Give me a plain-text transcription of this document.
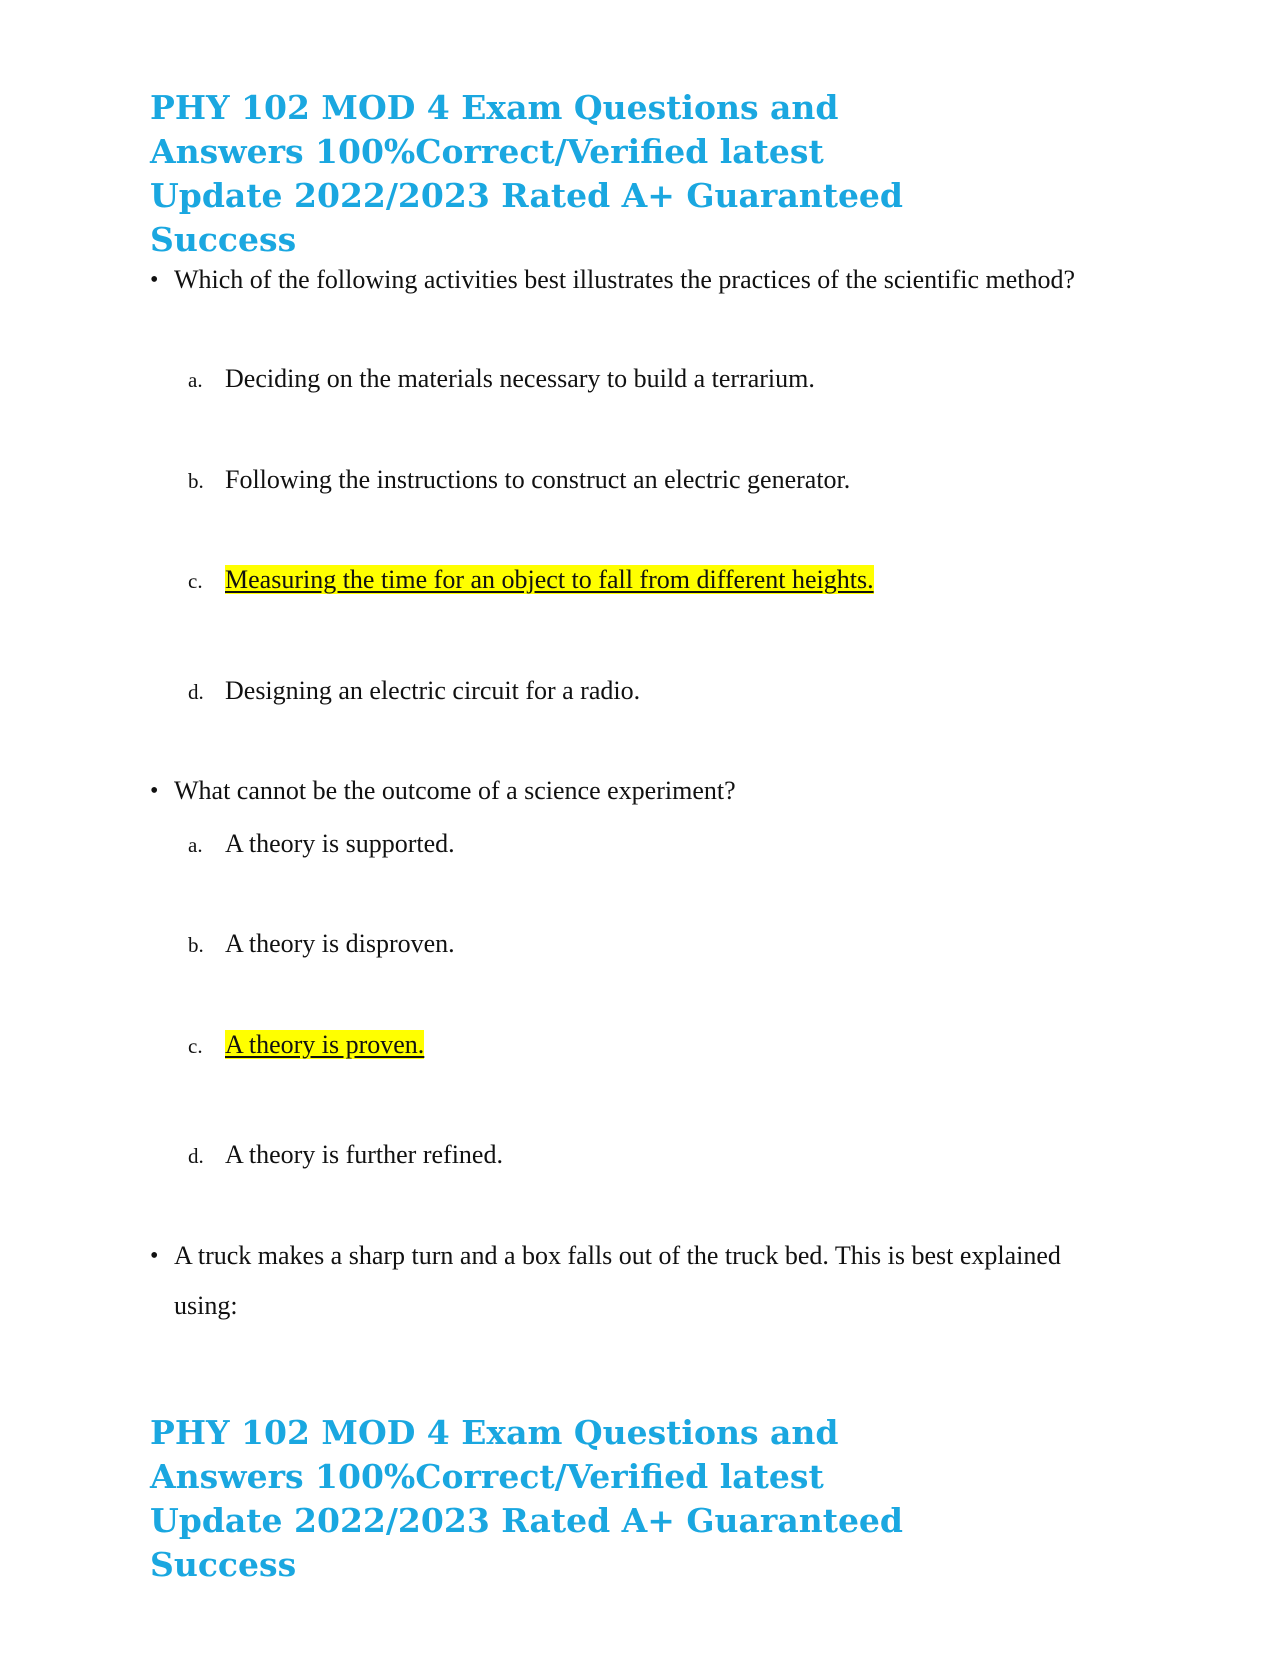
PHY 102 MOD 4 Exam Questions and
Answers 100%Correct/Verified latest
Update 2022/2023 Rated A+ Guaranteed
Success
• Which of the following activities best illustrates the practices of the scientific method?
a. Deciding on the materials necessary to build a terrarium.
b. Following the instructions to construct an electric generator.
c. Measuring the time for an object to fall from different heights.
d. Designing an electric circuit for a radio.
• What cannot be the outcome of a science experiment?
a. A theory is supported.
b. A theory is disproven.
c. A theory is proven.
d. A theory is further refined.
• A truck makes a sharp turn and a box falls out of the truck bed. This is best explained using:
PHY 102 MOD 4 Exam Questions and
Answers 100%Correct/Verified latest
Update 2022/2023 Rated A+ Guaranteed
Success
